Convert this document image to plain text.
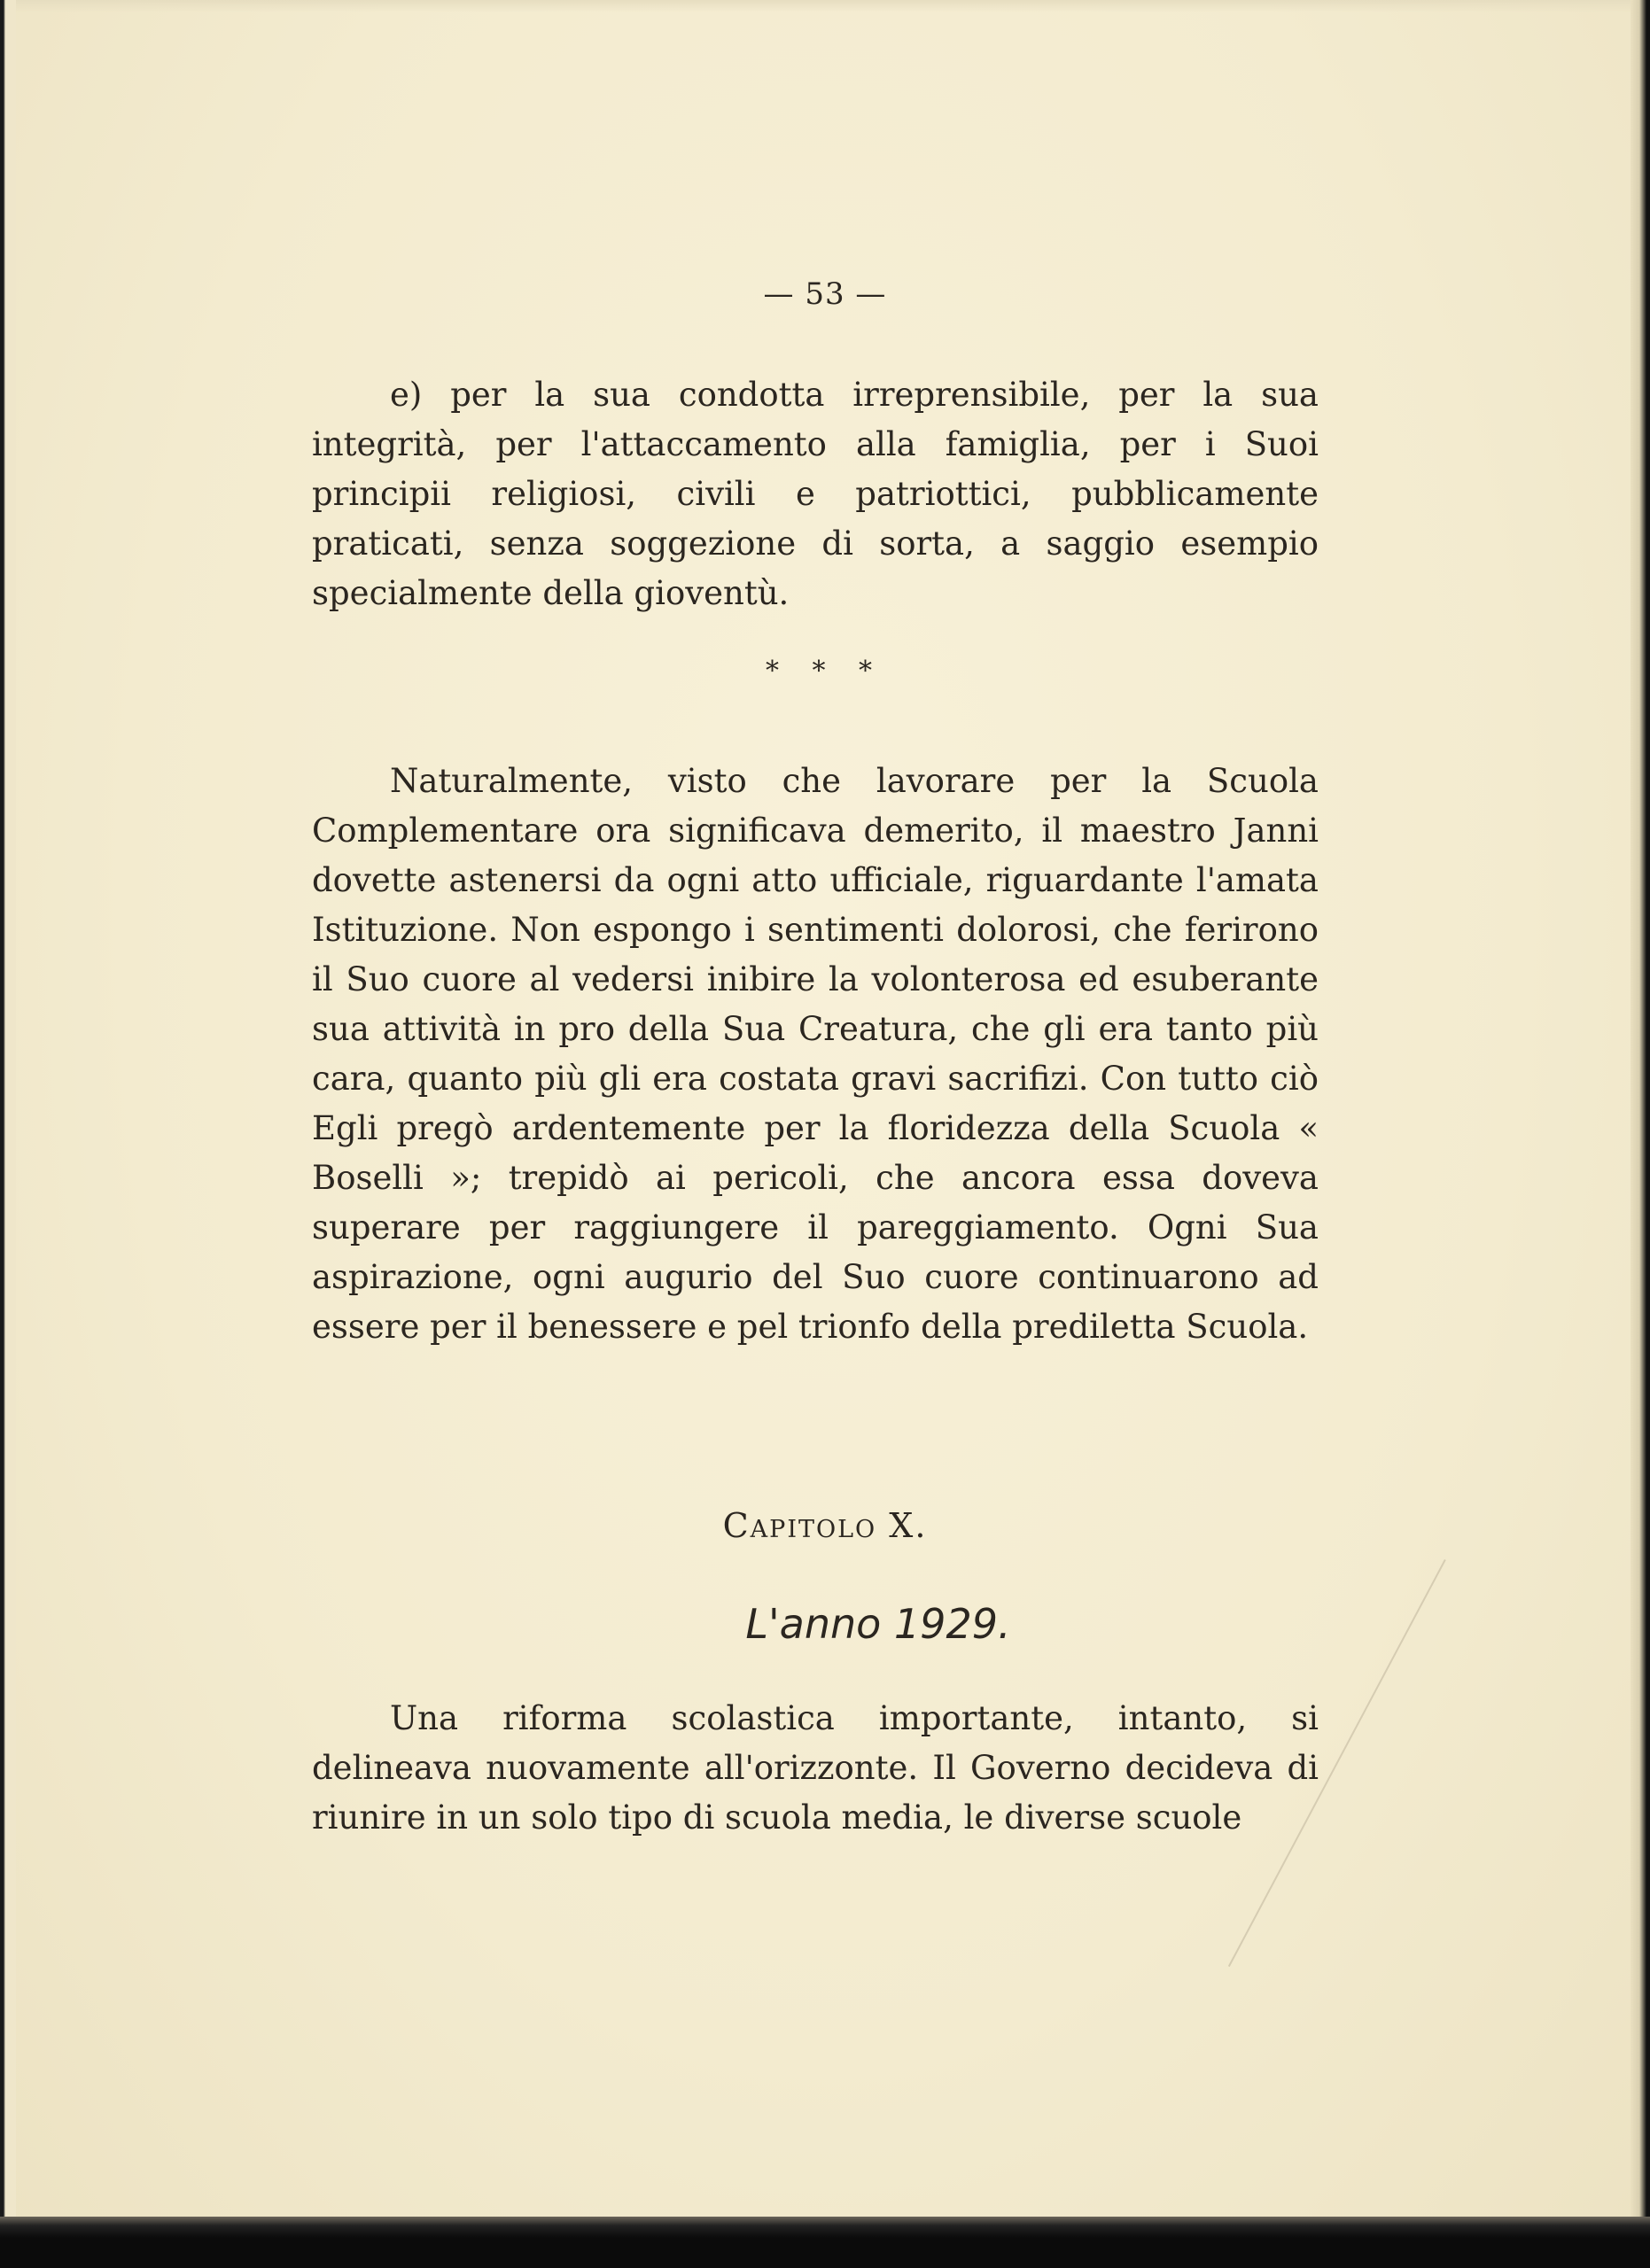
— 53 —

e) per la sua condotta irreprensibile, per la sua integrità, per l'attaccamento alla famiglia, per i Suoi principii religiosi, civili e patriottici, pubblicamente praticati, senza soggezione di sorta, a saggio esempio specialmente della gioventù.

* * *

Naturalmente, visto che lavorare per la Scuola Complementare ora significava demerito, il maestro Janni dovette astenersi da ogni atto ufficiale, riguardante l'amata Istituzione. Non espongo i sentimenti dolorosi, che ferirono il Suo cuore al vedersi inibire la volonterosa ed esuberante sua attività in pro della Sua Creatura, che gli era tanto più cara, quanto più gli era costata gravi sacrifizi. Con tutto ciò Egli pregò ardentemente per la floridezza della Scuola « Boselli »; trepidò ai pericoli, che ancora essa doveva superare per raggiungere il pareggiamento. Ogni Sua aspirazione, ogni augurio del Suo cuore continuarono ad essere per il benessere e pel trionfo della prediletta Scuola.

Capitolo X.
L'anno 1929.

Una riforma scolastica importante, intanto, si delineava nuovamente all'orizzonte. Il Governo decideva di riunire in un solo tipo di scuola media, le diverse scuole
